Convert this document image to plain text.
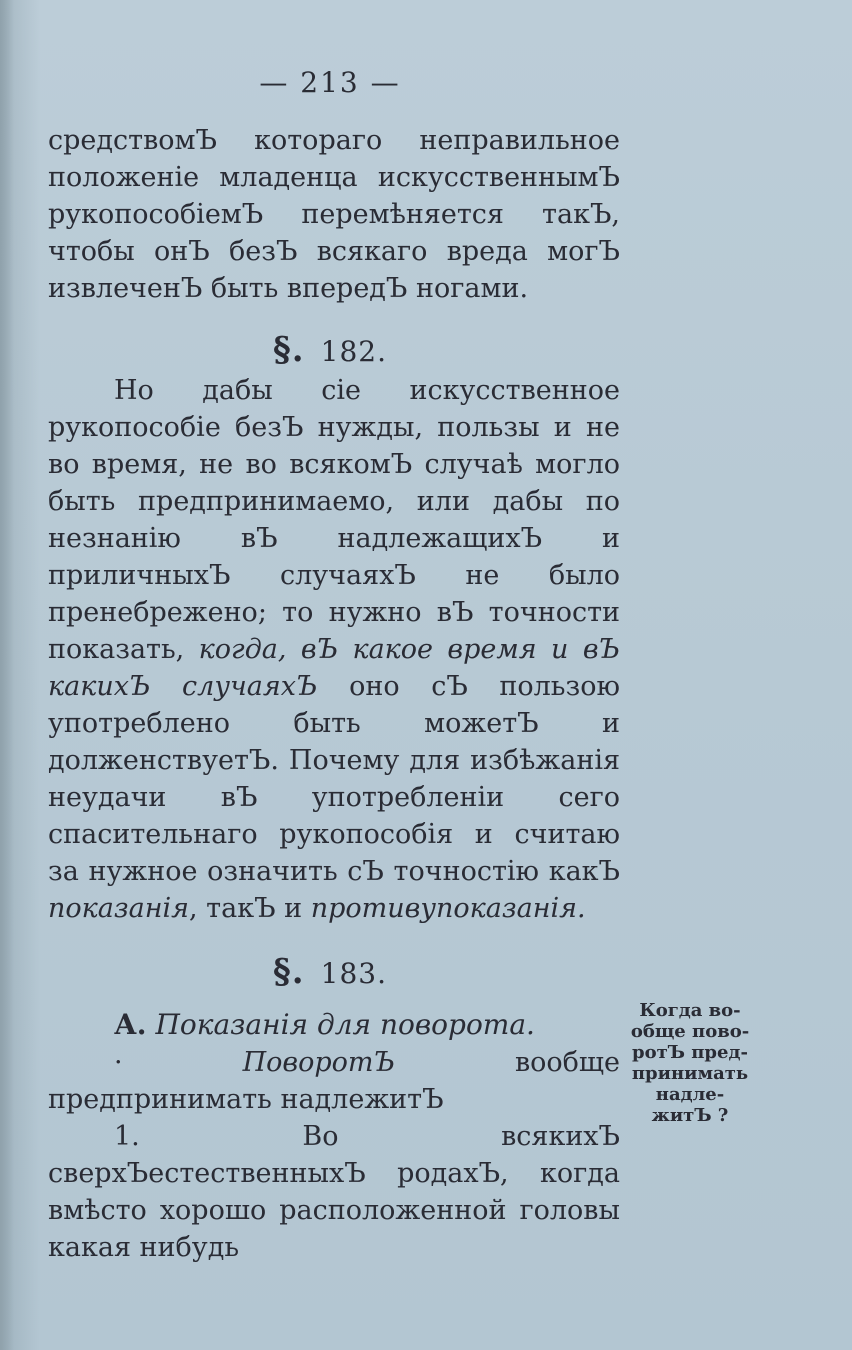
— 213 —

средствомЪ котораго неправильное положенiе младенца искусственнымЪ рукопособiемЪ перемѣняется такЪ, чтобы онЪ безЪ всякаго вреда могЪ извлеченЪ быть впередЪ ногами.

§. 182.

Но дабы сiе искусственное рукопособiе безЪ нужды, пользы и не во время, не во всякомЪ случаѣ могло быть предпринимаемо, или дабы по незнанiю вЪ надлежащихЪ и приличныхЪ случаяхЪ не было пренебрежено; то нужно вЪ точности показать, когда, вЪ какое время и вЪ какихЪ случаяхЪ оно сЪ пользою употреблено быть можетЪ и долженствуетЪ. Почему для избѣжанiя неудачи вЪ употребленiи сего спасительнаго рукопособiя и считаю за нужное означить сЪ точностiю какЪ показанiя, такЪ и противупоказанiя.

§. 183.
А. Показанiя для поворота.

·	ПоворотЪ	вообще предпринимать надлежитЪ

1. Во всякихЪ сверхЪестественныхЪ родахЪ, когда вмѣсто хорошо расположенной головы какая нибудь

Когда во-
обще пово-
ротЪ пред-
принимать
надле-
житЪ ?
